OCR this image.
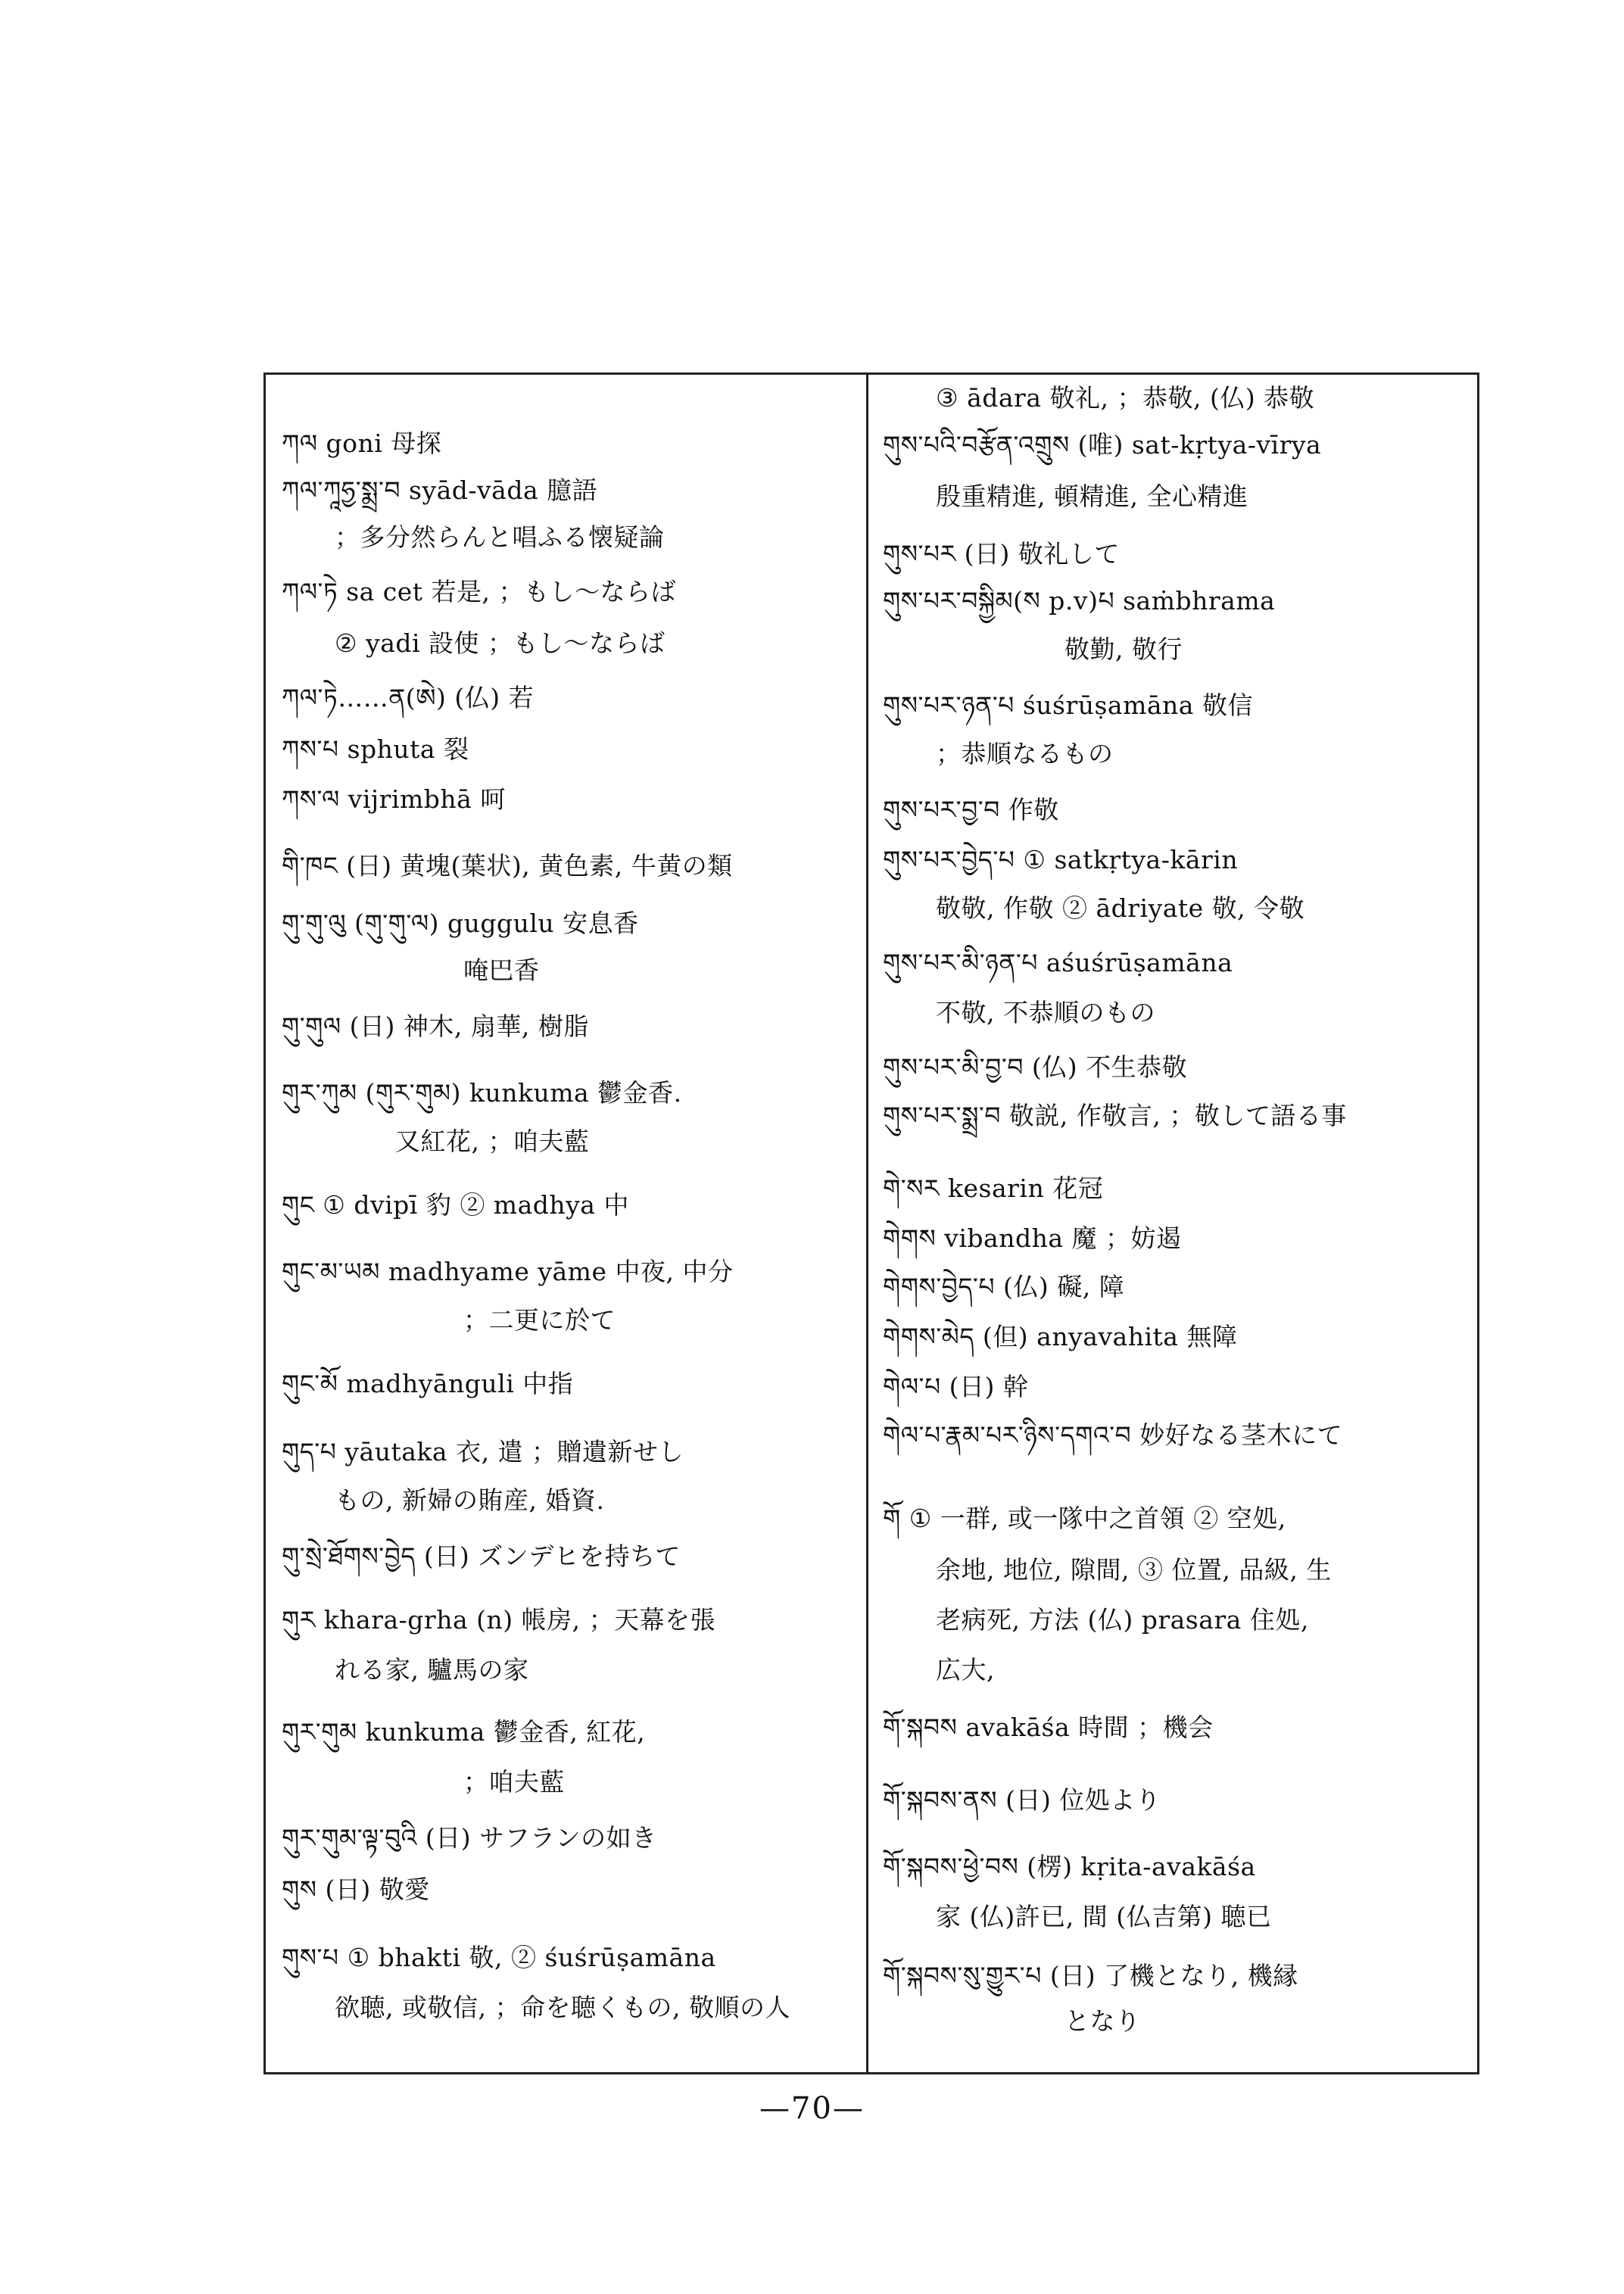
ཀལ goni 母探
ཀལ་ཀཱཧྱ་སྨྲ་བ syād-vāda 臆語
；多分然らんと唱ふる懐疑論
ཀལ་ཏེ sa cet 若是, ；もし〜ならば
② yadi 設使 ；もし〜ならば
ཀལ་ཏེ……ན(ཨེ) (仏) 若
ཀས་པ sphuta 裂
ཀས་ལ vijrimbhā 呵
གི་ཁང (日) 黄塊(葉状), 黄色素, 牛黄の類
གུ་གུ་ལུ (གུ་གུ་ལ) guggulu 安息香
唵巴香
གུ་གུལ (日) 神木, 扇華, 樹脂
གུར་ཀུམ (གུར་གུམ) kunkuma 鬱金香.
又紅花, ；咱夫藍
གུང ① dvipī 豹 ② madhya 中
གུང་མ་ཡམ madhyame yāme 中夜, 中分
；二更に於て
གུང་མོ madhyānguli 中指
གུད་པ yāutaka 衣, 遣 ；贈遺新せし
もの, 新婦の賄産, 婚資.
གུ་སྲེ་ཐོགས་བྱེད (日) ズンデヒを持ちて
གུར khara-grha (n) 帳房, ；天幕を張
れる家, 驢馬の家
གུར་གུམ kunkuma 鬱金香, 紅花,
；咱夫藍
གུར་གུམ་ལྟ་བུའི (日) サフランの如き
གུས (日) 敬愛
གུས་པ ① bhakti 敬, ② śuśrūṣamāna
欲聴, 或敬信, ；命を聴くもの, 敬順の人
③ ādara 敬礼, ；恭敬, (仏) 恭敬
གུས་པའི་བརྩོན་འགྲུས (唯) sat-kṛtya-vīrya
殷重精進, 頓精進, 全心精進
གུས་པར (日) 敬礼して
གུས་པར་བསྐྱིམ(ས p.v)པ saṁbhrama
敬勤, 敬行
གུས་པར་ཉན་པ śuśrūṣamāna 敬信
；恭順なるもの
གུས་པར་བྱ་བ 作敬
གུས་པར་བྱེད་པ ① satkṛtya-kārin
敬敬, 作敬 ② ādriyate 敬, 令敬
གུས་པར་མི་ཉན་པ aśuśrūṣamāna
不敬, 不恭順のもの
གུས་པར་མི་བྱ་བ (仏) 不生恭敬
གུས་པར་སྨྲ་བ 敬説, 作敬言, ；敬して語る事
གེ་སར kesarin 花冠
གེགས vibandha 魔 ；妨遏
གེགས་བྱེད་པ (仏) 礙, 障
གེགས་མེད (但) anyavahita 無障
གེལ་པ (日) 幹
གེལ་པ་རྣམ་པར་ཉིས་དགའ་བ 妙好なる茎木にて
གོ ① 一群, 或一隊中之首領 ② 空処,
余地, 地位, 隙間, ③ 位置, 品級, 生
老病死, 方法 (仏) prasara 住処,
広大,
གོ་སྐབས avakāśa 時間 ；機会
གོ་སྐབས་ནས (日) 位処より
གོ་སྐབས་ཕྱེ་བས (楞) kṛita-avakāśa
家 (仏)許已, 間 (仏吉第) 聴已
གོ་སྐབས་སུ་གྱུར་པ (日) 了機となり, 機縁
となり
—70—
